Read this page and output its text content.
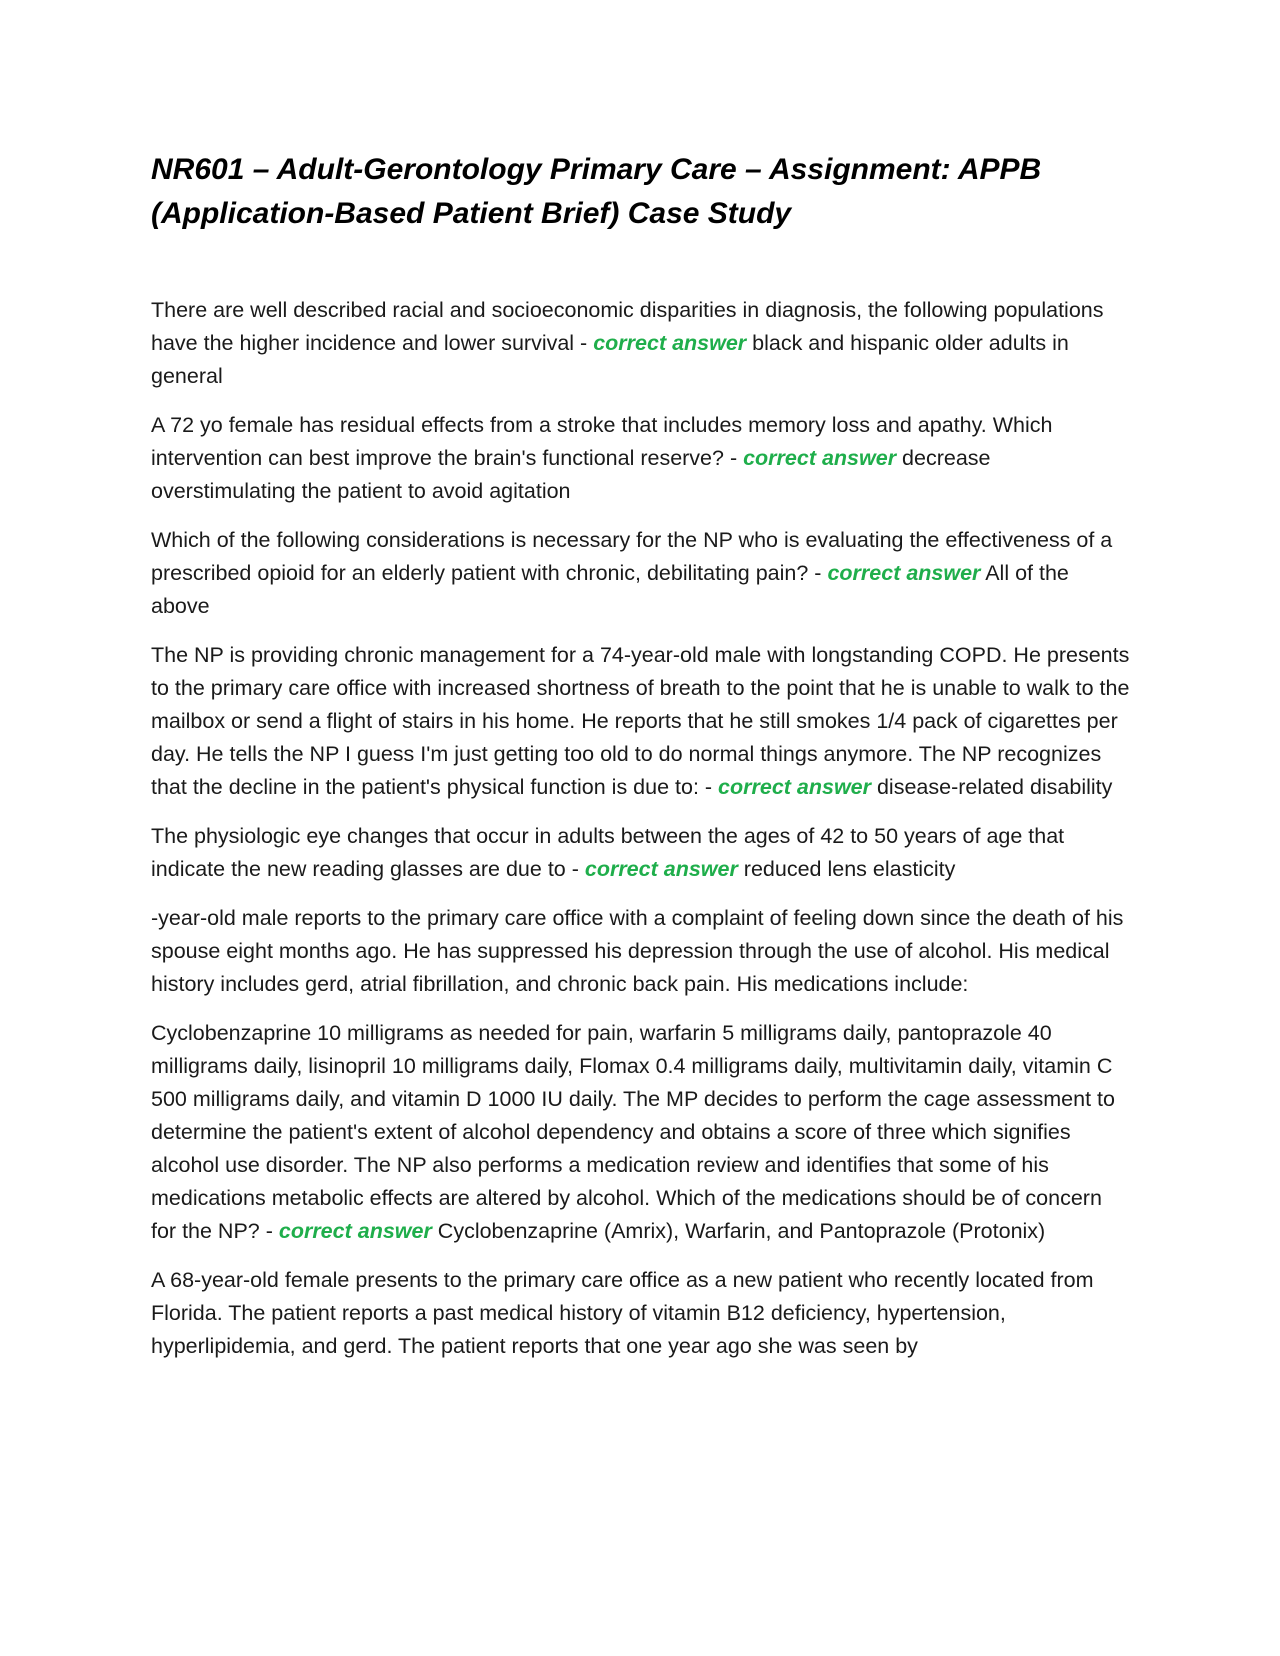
NR601 – Adult-Gerontology Primary Care – Assignment: APPB
(Application-Based Patient Brief) Case Study

There are well described racial and socioeconomic disparities in diagnosis, the following populations have the higher incidence and lower survival - correct answer black and hispanic older adults in general

A 72 yo female has residual effects from a stroke that includes memory loss and apathy. Which intervention can best improve the brain's functional reserve? - correct answer decrease overstimulating the patient to avoid agitation

Which of the following considerations is necessary for the NP who is evaluating the effectiveness of a prescribed opioid for an elderly patient with chronic, debilitating pain? - correct answer All of the above

The NP is providing chronic management for a 74-year-old male with longstanding COPD. He presents to the primary care office with increased shortness of breath to the point that he is unable to walk to the mailbox or send a flight of stairs in his home. He reports that he still smokes 1/4 pack of cigarettes per day. He tells the NP I guess I'm just getting too old to do normal things anymore. The NP recognizes that the decline in the patient's physical function is due to: - correct answer disease-related disability

The physiologic eye changes that occur in adults between the ages of 42 to 50 years of age that indicate the new reading glasses are due to - correct answer reduced lens elasticity

-year-old male reports to the primary care office with a complaint of feeling down since the death of his spouse eight months ago. He has suppressed his depression through the use of alcohol. His medical history includes gerd, atrial fibrillation, and chronic back pain. His medications include:

Cyclobenzaprine 10 milligrams as needed for pain, warfarin 5 milligrams daily, pantoprazole 40 milligrams daily, lisinopril 10 milligrams daily, Flomax 0.4 milligrams daily, multivitamin daily, vitamin C 500 milligrams daily, and vitamin D 1000 IU daily. The MP decides to perform the cage assessment to determine the patient's extent of alcohol dependency and obtains a score of three which signifies alcohol use disorder. The NP also performs a medication review and identifies that some of his medications metabolic effects are altered by alcohol. Which of the medications should be of concern for the NP? - correct answer Cyclobenzaprine (Amrix), Warfarin, and Pantoprazole (Protonix)

A 68-year-old female presents to the primary care office as a new patient who recently located from Florida. The patient reports a past medical history of vitamin B12 deficiency, hypertension, hyperlipidemia, and gerd. The patient reports that one year ago she was seen by
